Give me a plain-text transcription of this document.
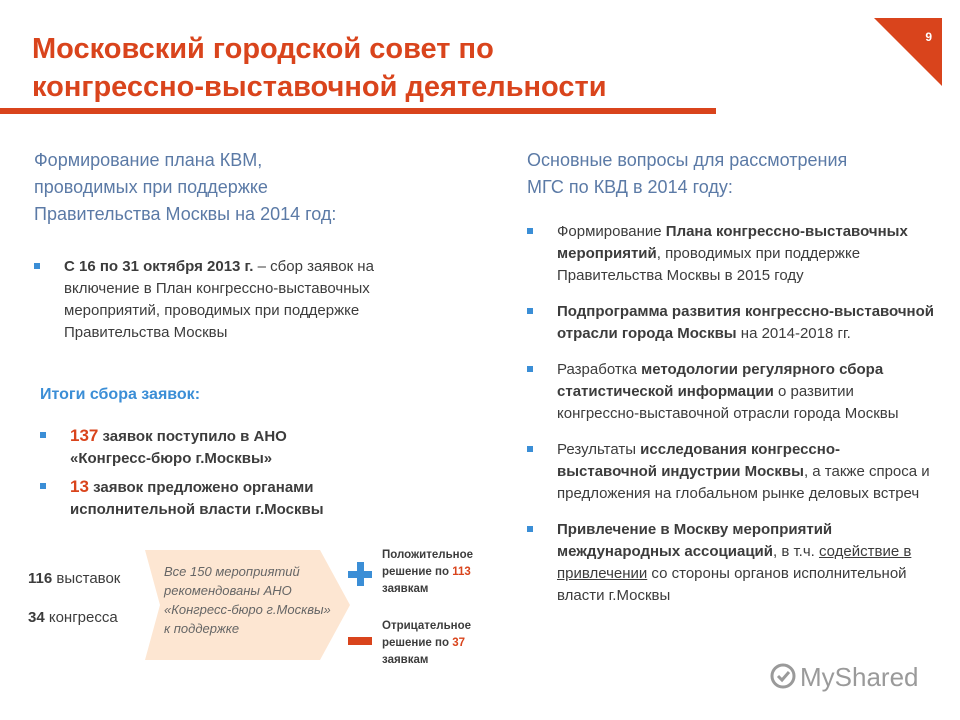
Московский городской совет по
конгрессно-выставочной деятельности
9
Формирование плана КВМ,
проводимых при поддержке
Правительства Москвы на 2014 год:
С 16 по 31 октября 2013 г. – сбор заявок на включение в План конгрессно-выставочных мероприятий, проводимых при поддержке Правительства Москвы
Итоги сбора заявок:
137 заявок поступило в АНО «Конгресс-бюро г.Москвы»
13 заявок предложено органами исполнительной власти г.Москвы
116 выставок
34 конгресса
Все 150 мероприятий рекомендованы АНО «Конгресс-бюро г.Москвы» к поддержке
Положительное решение по 113 заявкам
Отрицательное решение по 37 заявкам
Основные вопросы для рассмотрения
МГС по КВД в 2014 году:
Формирование Плана конгрессно-выставочных мероприятий, проводимых при поддержке Правительства Москвы в 2015 году
Подпрограмма развития конгрессно-выставочной отрасли города Москвы на 2014-2018 гг.
Разработка методологии регулярного сбора статистической информации о развитии конгрессно-выставочной отрасли города Москвы
Результаты исследования конгрессно-выставочной индустрии Москвы, а также спроса и предложения на глобальном рынке деловых встреч
Привлечение в Москву мероприятий международных ассоциаций, в т.ч. содействие в привлечении со стороны органов исполнительной власти г.Москвы
MyShared
